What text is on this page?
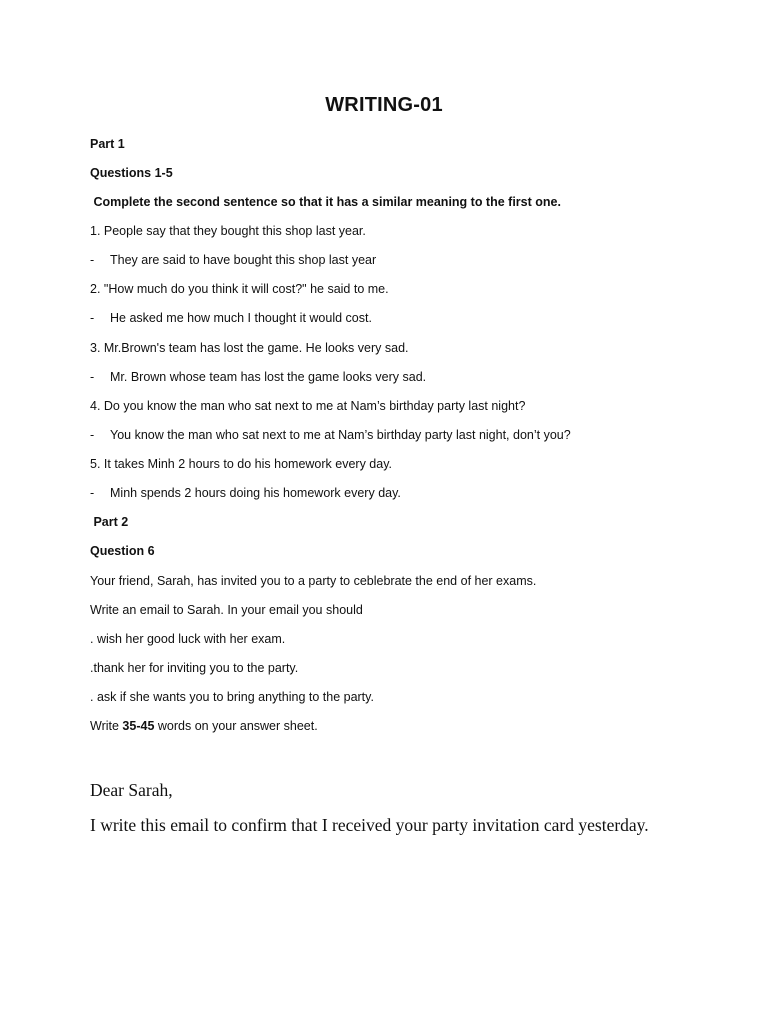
WRITING-01
Part 1
Questions 1-5
Complete the second sentence so that it has a similar meaning to the first one.
1. People say that they bought this shop last year.
- They are said to have bought this shop last year
2. "How much do you think it will cost?" he said to me.
- He asked me how much I thought it would cost.
3. Mr.Brown's team has lost the game. He looks very sad.
- Mr. Brown whose team has lost the game looks very sad.
4. Do you know the man who sat next to me at Nam’s birthday party last night?
- You know the man who sat next to me at Nam’s birthday party last night, don’t you?
5. It takes Minh 2 hours to do his homework every day.
- Minh spends 2 hours doing his homework every day.
Part 2
Question 6
Your friend, Sarah, has invited you to a party to ceblebrate the end of her exams.
Write an email to Sarah. In your email you should
. wish her good luck with her exam.
.thank her for inviting you to the party.
. ask if she wants you to bring anything to the party.
Write 35-45 words on your answer sheet.
Dear Sarah,
I write this email to confirm that I received your party invitation card yesterday.
